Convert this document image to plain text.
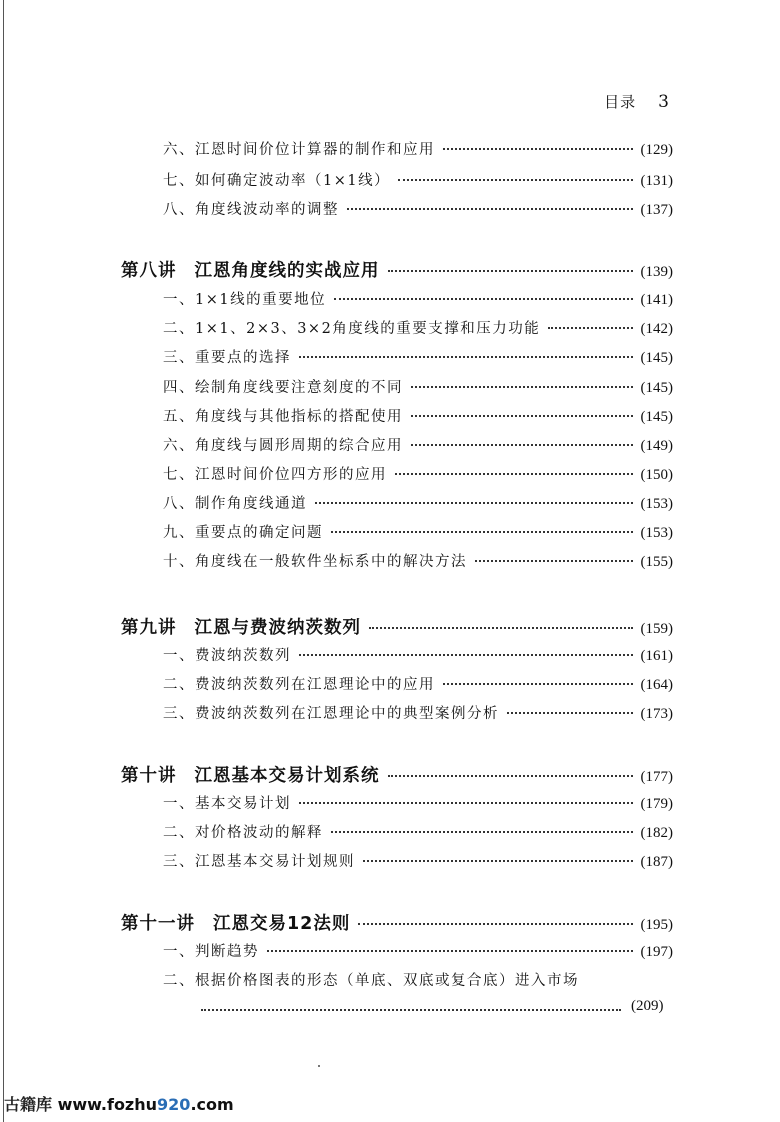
目录 3
六、 江恩时间价位计算器的制作和应用	(129)
七、 如何确定波动率（1×1线）	(131)
八、 角度线波动率的调整	(137)
第八讲 江恩角度线的实战应用	(139)
一、 1×1线的重要地位	(141)
二、 1×1、2×3、3×2角度线的重要支撑和压力功能	(142)
三、 重要点的选择	(145)
四、 绘制角度线要注意刻度的不同	(145)
五、 角度线与其他指标的搭配使用	(145)
六、 角度线与圆形周期的综合应用	(149)
七、 江恩时间价位四方形的应用	(150)
八、 制作角度线通道	(153)
九、 重要点的确定问题	(153)
十、 角度线在一般软件坐标系中的解决方法	(155)
第九讲 江恩与费波纳茨数列	(159)
一、 费波纳茨数列	(161)
二、 费波纳茨数列在江恩理论中的应用	(164)
三、 费波纳茨数列在江恩理论中的典型案例分析	(173)
第十讲 江恩基本交易计划系统	(177)
一、 基本交易计划	(179)
二、 对价格波动的解释	(182)
三、 江恩基本交易计划规则	(187)
第十一讲 江恩交易12法则	(195)
一、 判断趋势	(197)
二、 根据价格图表的形态（单底、双底或复合底）进入市场
(209)
古籍库 www.fozhu920.com
